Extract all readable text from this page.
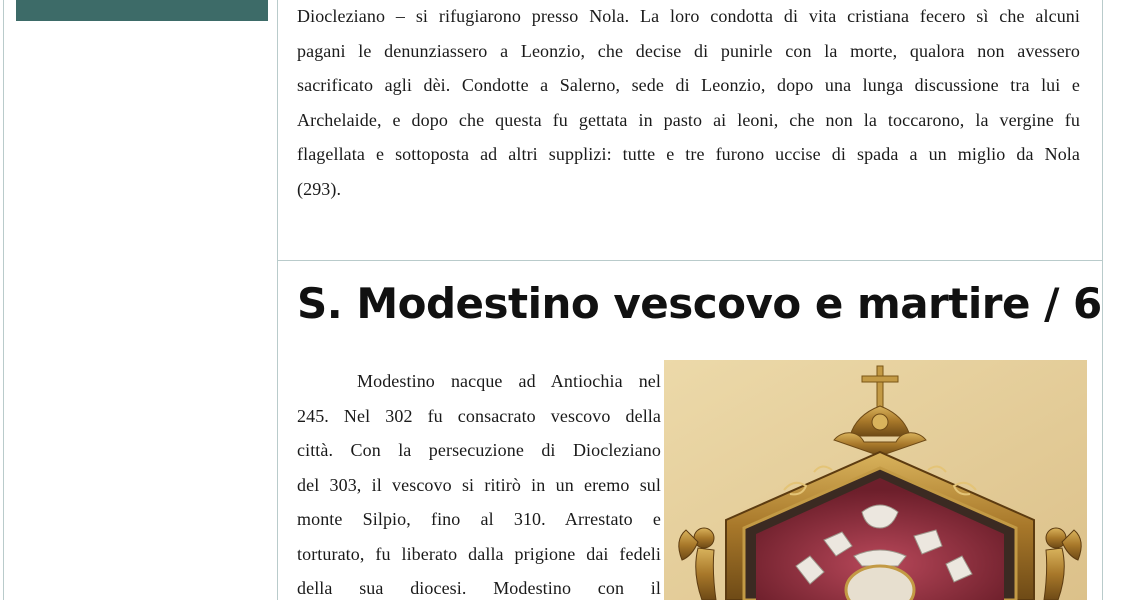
Diocleziano – si rifugiarono presso Nola. La loro condotta di vita cristiana fecero sì che alcuni
pagani le denunziassero a Leonzio, che decise di punirle con la morte, qualora non avessero
sacrificato agli dèi. Condotte a Salerno, sede di Leonzio, dopo una lunga discussione tra lui e
Archelaide, e dopo che questa fu gettata in pasto ai leoni, che non la toccarono, la vergine fu
flagellata e sottoposta ad altri supplizi: tutte e tre furono uccise di spada a un miglio da Nola
(293).
S. Modestino vescovo e martire / 6
Modestino nacque ad Antiochia nel
245. Nel 302 fu consacrato vescovo della
città. Con la persecuzione di Diocleziano
del 303, il vescovo si ritirò in un eremo sul
monte Silpio, fino al 310. Arrestato e
torturato, fu liberato dalla prigione dai fedeli
della sua diocesi. Modestino con il
